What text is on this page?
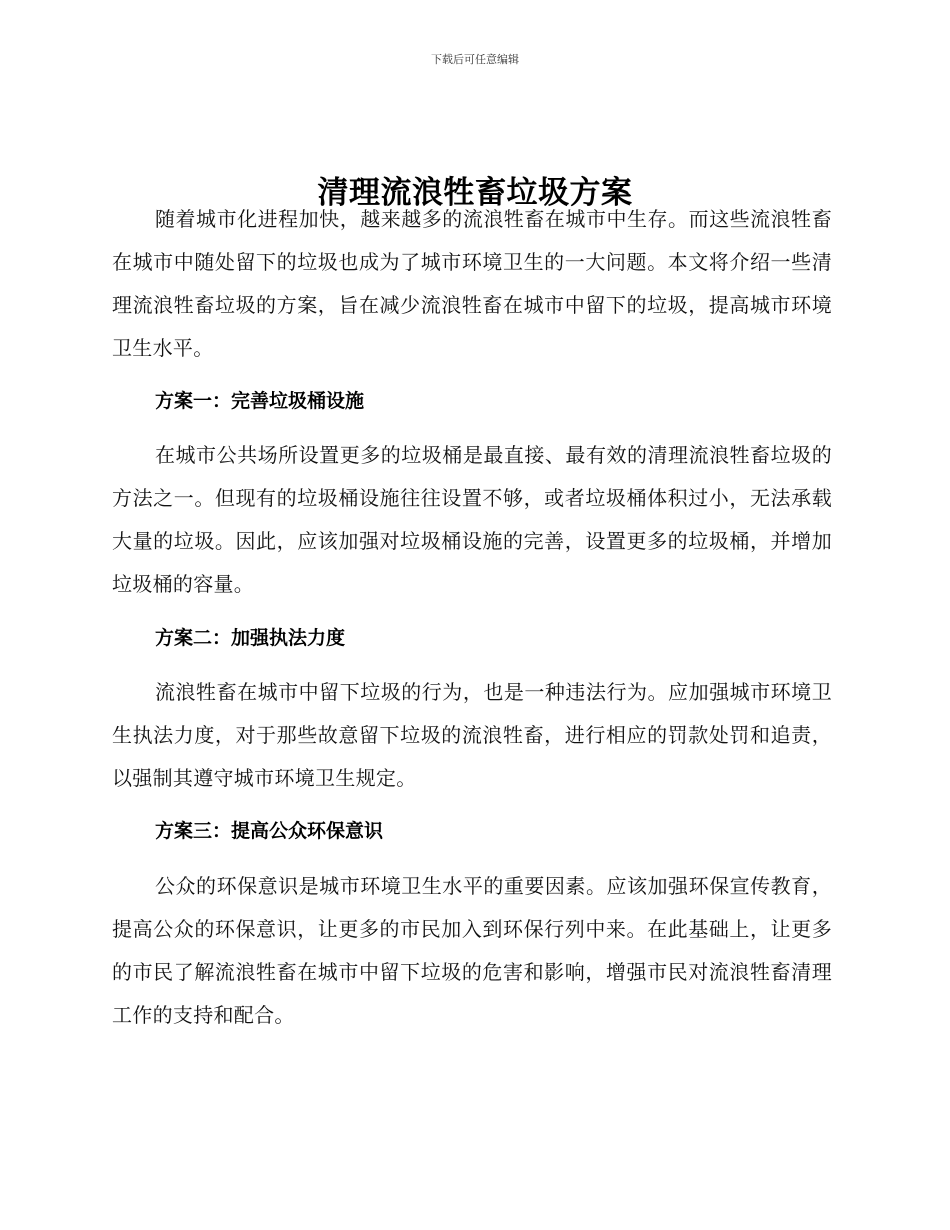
下载后可任意编辑
清理流浪牲畜垃圾方案

随着城市化进程加快，越来越多的流浪牲畜在城市中生存。而这些流浪牲畜在城市中随处留下的垃圾也成为了城市环境卫生的一大问题。本文将介绍一些清理流浪牲畜垃圾的方案，旨在减少流浪牲畜在城市中留下的垃圾，提高城市环境卫生水平。

方案一：完善垃圾桶设施

在城市公共场所设置更多的垃圾桶是最直接、最有效的清理流浪牲畜垃圾的方法之一。但现有的垃圾桶设施往往设置不够，或者垃圾桶体积过小，无法承载大量的垃圾。因此，应该加强对垃圾桶设施的完善，设置更多的垃圾桶，并增加垃圾桶的容量。

方案二：加强执法力度

流浪牲畜在城市中留下垃圾的行为，也是一种违法行为。应加强城市环境卫生执法力度，对于那些故意留下垃圾的流浪牲畜，进行相应的罚款处罚和追责，以强制其遵守城市环境卫生规定。

方案三：提高公众环保意识

公众的环保意识是城市环境卫生水平的重要因素。应该加强环保宣传教育，提高公众的环保意识，让更多的市民加入到环保行列中来。在此基础上，让更多的市民了解流浪牲畜在城市中留下垃圾的危害和影响，增强市民对流浪牲畜清理工作的支持和配合。
